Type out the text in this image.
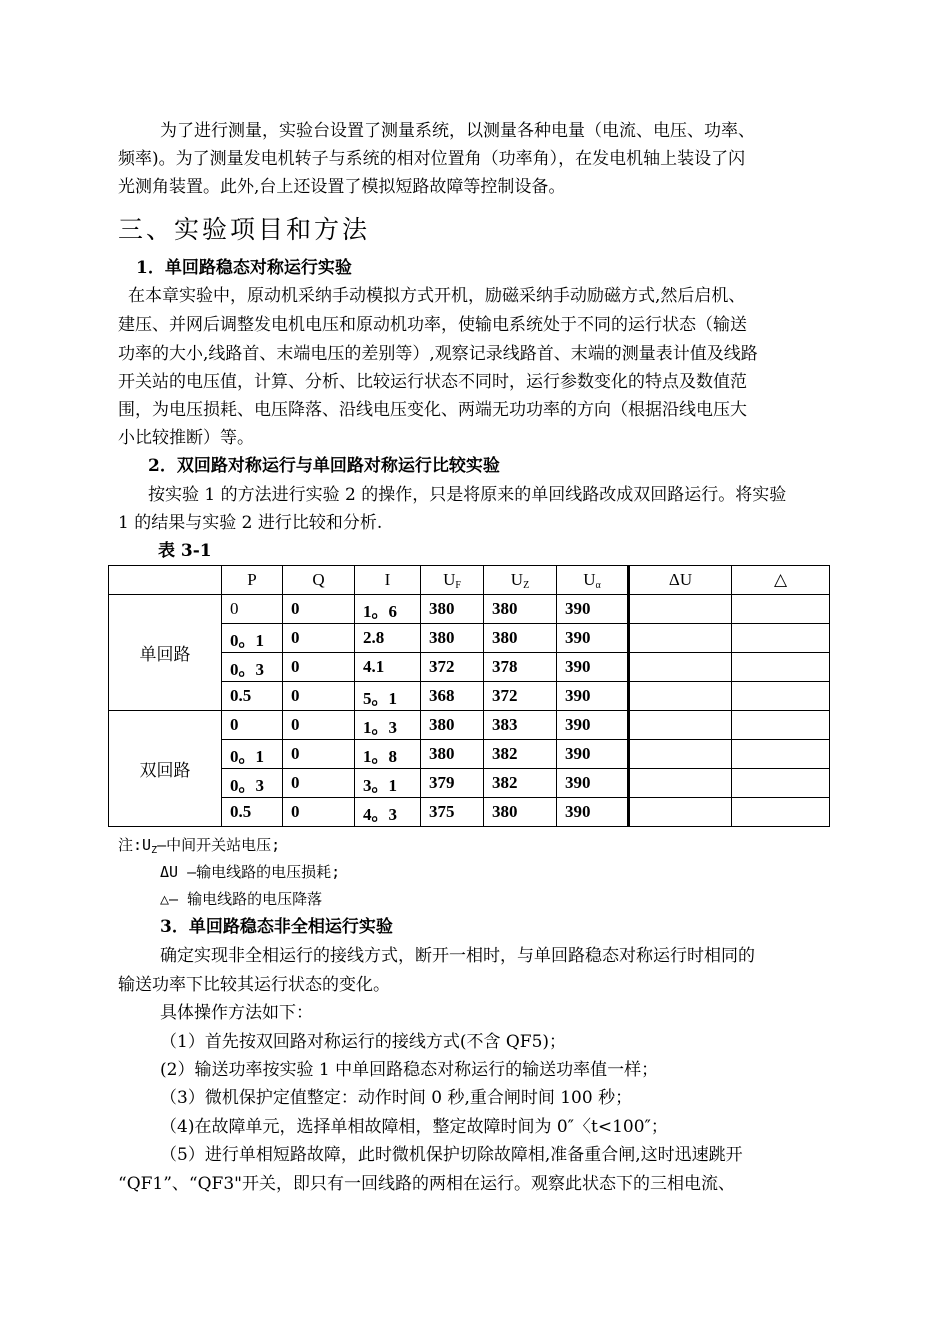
为了进行测量，实验台设置了测量系统，以测量各种电量（电流、电压、功率、
频率)。为了测量发电机转子与系统的相对位置角（功率角），在发电机轴上装设了闪
光测角装置。此外,台上还设置了模拟短路故障等控制设备。
三、实验项目和方法
1．单回路稳态对称运行实验
在本章实验中，原动机采纳手动模拟方式开机，励磁采纳手动励磁方式,然后启机、
建压、并网后调整发电机电压和原动机功率，使输电系统处于不同的运行状态（输送
功率的大小,线路首、末端电压的差别等）,观察记录线路首、末端的测量表计值及线路
开关站的电压值，计算、分析、比较运行状态不同时，运行参数变化的特点及数值范
围，为电压损耗、电压降落、沿线电压变化、两端无功功率的方向（根据沿线电压大
小比较推断）等。
2．双回路对称运行与单回路对称运行比较实验
按实验 1 的方法进行实验 2 的操作，只是将原来的单回线路改成双回路运行。将实验
1 的结果与实验 2 进行比较和分析.
表 3-1
	P	Q	I	$U_F$	$U_Z$	$U_\alpha$	ΔU	△
单回路	0	0	1。6	380	380	390		
	0。1	0	2.8	380	380	390		
	0。3	0	4.1	372	378	390		
	0.5	0	5。1	368	372	390		
双回路	0	0	1。3	380	383	390		
	0。1	0	1。8	380	382	390		
	0。3	0	3。1	379	382	390		
	0.5	0	4。3	375	380	390		
注$:U_Z—$中间开关站电压;
ΔU —输电线路的电压损耗;
△— 输电线路的电压降落
3．单回路稳态非全相运行实验
确定实现非全相运行的接线方式，断开一相时，与单回路稳态对称运行时相同的
输送功率下比较其运行状态的变化。
具体操作方法如下：
（1）首先按双回路对称运行的接线方式(不含 QF5)；
(2）输送功率按实验 1 中单回路稳态对称运行的输送功率值一样；
（3）微机保护定值整定：动作时间 0 秒,重合闸时间 100 秒；
（4)在故障单元，选择单相故障相，整定故障时间为 0″〈t<100″；
（5）进行单相短路故障，此时微机保护切除故障相,准备重合闸,这时迅速跳开
“QF1”、“QF3"开关，即只有一回线路的两相在运行。观察此状态下的三相电流、
